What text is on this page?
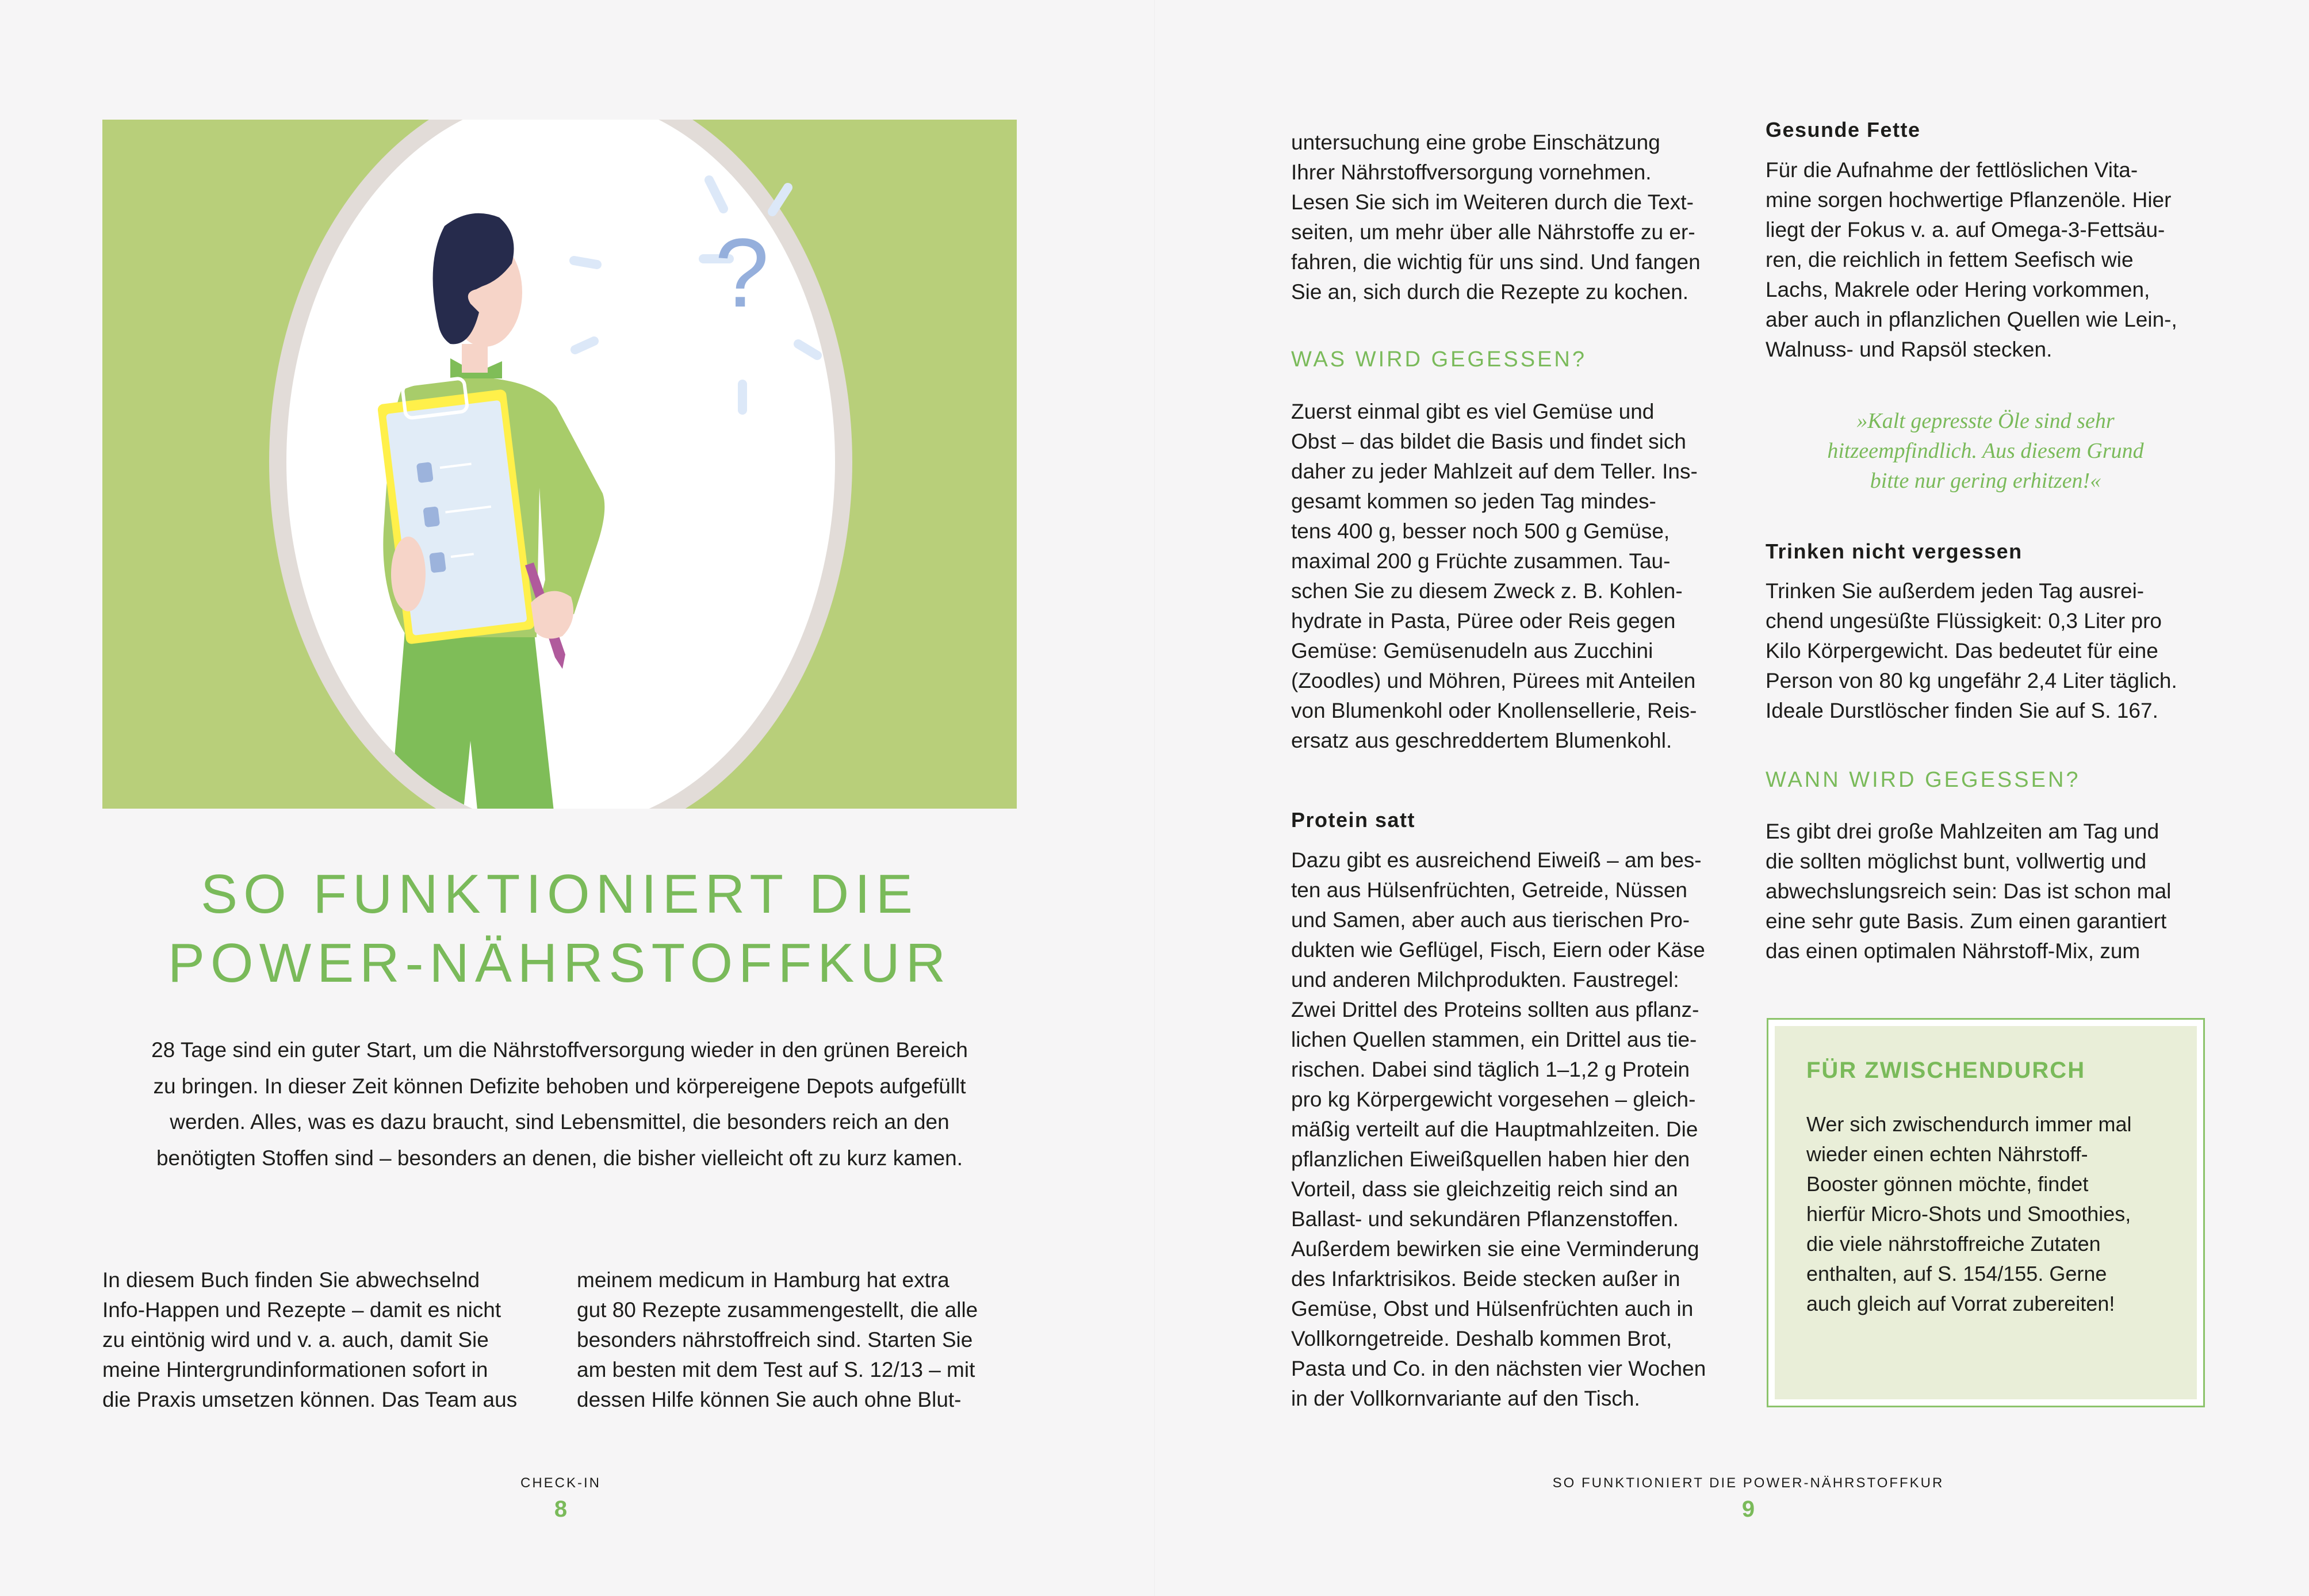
?
SO FUNKTIONIERT DIE
POWER-NÄHRSTOFFKUR
28 Tage sind ein guter Start, um die Nährstoffversorgung wieder in den grünen Bereich
zu bringen. In dieser Zeit können Defizite behoben und körpereigene Depots aufgefüllt
werden. Alles, was es dazu braucht, sind Lebensmittel, die besonders reich an den
benötigten Stoffen sind – besonders an denen, die bisher vielleicht oft zu kurz kamen.
In diesem Buch finden Sie abwechselnd
Info-Happen und Rezepte – damit es nicht
zu eintönig wird und v. a. auch, damit Sie
meine Hintergrundinformationen sofort in
die Praxis umsetzen können. Das Team aus
meinem medicum in Hamburg hat extra
gut 80 Rezepte zusammengestellt, die alle
besonders nährstoffreich sind. Starten Sie
am besten mit dem Test auf S. 12/13 – mit
dessen Hilfe können Sie auch ohne Blut-
CHECK-IN
8
untersuchung eine grobe Einschätzung
Ihrer Nährstoffversorgung vornehmen.
Lesen Sie sich im Weiteren durch die Text-
seiten, um mehr über alle Nährstoffe zu er-
fahren, die wichtig für uns sind. Und fangen
Sie an, sich durch die Rezepte zu kochen.
WAS WIRD GEGESSEN?
Zuerst einmal gibt es viel Gemüse und
Obst – das bildet die Basis und findet sich
daher zu jeder Mahlzeit auf dem Teller. Ins-
gesamt kommen so jeden Tag mindes-
tens 400 g, besser noch 500 g Gemüse,
maximal 200 g Früchte zusammen. Tau-
schen Sie zu diesem Zweck z. B. Kohlen-
hydrate in Pasta, Püree oder Reis gegen
Gemüse: Gemüsenudeln aus Zucchini
(Zoodles) und Möhren, Pürees mit Anteilen
von Blumenkohl oder Knollensellerie, Reis-
ersatz aus geschreddertem Blumenkohl.
Protein satt
Dazu gibt es ausreichend Eiweiß – am bes-
ten aus Hülsenfrüchten, Getreide, Nüssen
und Samen, aber auch aus tierischen Pro-
dukten wie Geflügel, Fisch, Eiern oder Käse
und anderen Milchprodukten. Faustregel:
Zwei Drittel des Proteins sollten aus pflanz-
lichen Quellen stammen, ein Drittel aus tie-
rischen. Dabei sind täglich 1–1,2 g Protein
pro kg Körpergewicht vorgesehen – gleich-
mäßig verteilt auf die Hauptmahlzeiten. Die
pflanzlichen Eiweißquellen haben hier den
Vorteil, dass sie gleichzeitig reich sind an
Ballast- und sekundären Pflanzenstoffen.
Außerdem bewirken sie eine Verminderung
des Infarktrisikos. Beide stecken außer in
Gemüse, Obst und Hülsenfrüchten auch in
Vollkorngetreide. Deshalb kommen Brot,
Pasta und Co. in den nächsten vier Wochen
in der Vollkornvariante auf den Tisch.
Gesunde Fette
Für die Aufnahme der fettlöslichen Vita-
mine sorgen hochwertige Pflanzenöle. Hier
liegt der Fokus v. a. auf Omega-3-Fettsäu-
ren, die reichlich in fettem Seefisch wie
Lachs, Makrele oder Hering vorkommen,
aber auch in pflanzlichen Quellen wie Lein-,
Walnuss- und Rapsöl stecken.
»Kalt gepresste Öle sind sehr
hitzeempfindlich. Aus diesem Grund
bitte nur gering erhitzen!«
Trinken nicht vergessen
Trinken Sie außerdem jeden Tag ausrei-
chend ungesüßte Flüssigkeit: 0,3 Liter pro
Kilo Körpergewicht. Das bedeutet für eine
Person von 80 kg ungefähr 2,4 Liter täglich.
Ideale Durstlöscher finden Sie auf S. 167.
WANN WIRD GEGESSEN?
Es gibt drei große Mahlzeiten am Tag und
die sollten möglichst bunt, vollwertig und
abwechslungsreich sein: Das ist schon mal
eine sehr gute Basis. Zum einen garantiert
das einen optimalen Nährstoff-Mix, zum
FÜR ZWISCHENDURCH
Wer sich zwischendurch immer mal
wieder einen echten Nährstoff-
Booster gönnen möchte, findet
hierfür Micro-Shots und Smoothies,
die viele nährstoffreiche Zutaten
enthalten, auf S. 154/155. Gerne
auch gleich auf Vorrat zubereiten!
SO FUNKTIONIERT DIE POWER-NÄHRSTOFFKUR
9
